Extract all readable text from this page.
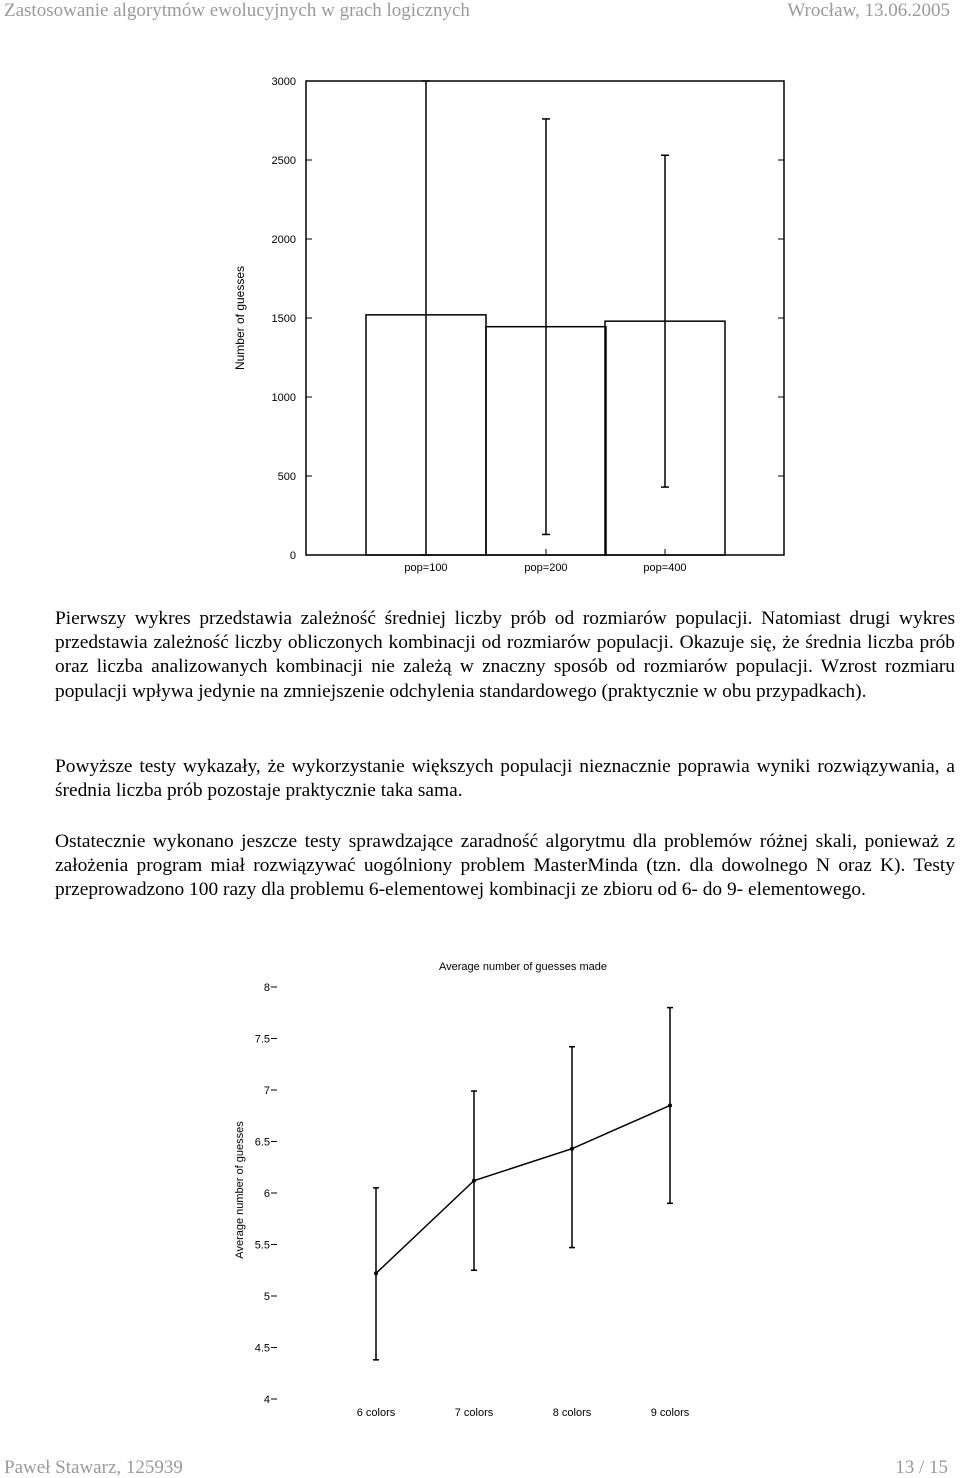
Zastosowanie algorytmów ewolucyjnych w grach logicznych	Wrocław, 13.06.2005
0
500
1000
1500
2000
2500
3000
pop=100	pop=200	pop=400
Number of guesses

Pierwszy wykres przedstawia zależność średniej liczby prób od rozmiarów populacji. Natomiast drugi wykres przedstawia zależność liczby obliczonych kombinacji od rozmiarów populacji. Okazuje się, że średnia liczba prób oraz liczba analizowanych kombinacji nie zależą w znaczny sposób od rozmiarów populacji. Wzrost rozmiaru populacji wpływa jedynie na zmniejszenie odchylenia standardowego (praktycznie w obu przypadkach).

Powyższe testy wykazały, że wykorzystanie większych populacji nieznacznie poprawia wyniki rozwiązywania, a średnia liczba prób pozostaje praktycznie taka sama.

Ostatecznie wykonano jeszcze testy sprawdzające zaradność algorytmu dla problemów różnej skali, ponieważ z założenia program miał rozwiązywać uogólniony problem MasterMinda (tzn. dla dowolnego N oraz K). Testy przeprowadzono 100 razy dla problemu 6-elementowej kombinacji ze zbioru od 6- do 9- elementowego.

Average number of guesses made
4
4.5
5
5.5
6
6.5
7
7.5
8
6 colors	7 colors	8 colors	9 colors
Average number of guesses
Paweł Stawarz, 125939	13 / 15
